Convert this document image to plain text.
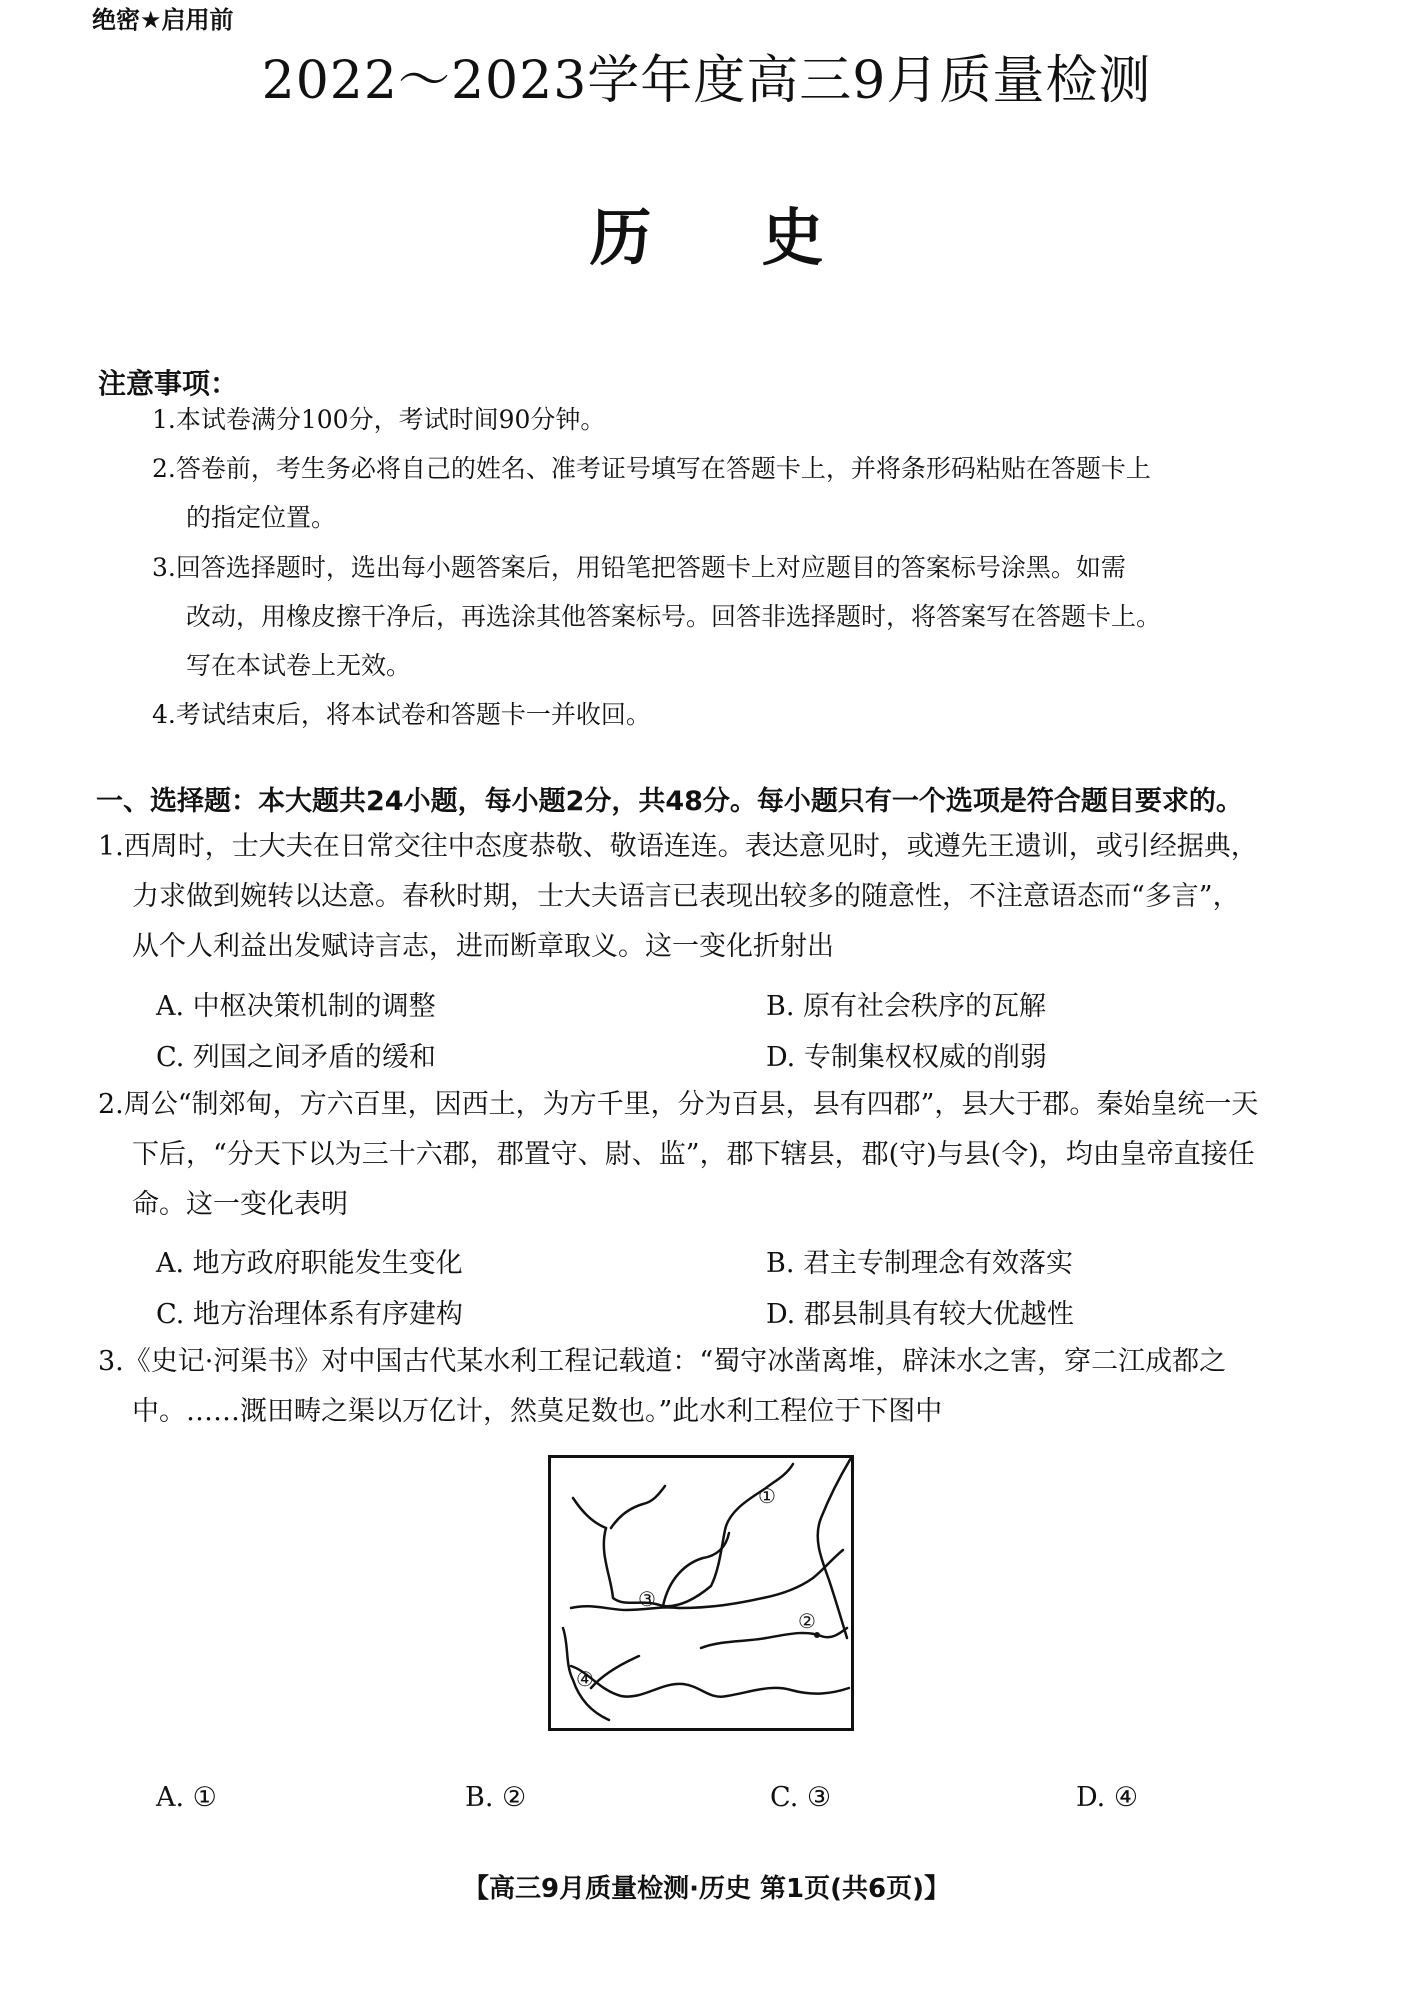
绝密★启用前
2022～2023学年度高三9月质量检测
历史
注意事项：
1.本试卷满分100分，考试时间90分钟。
2.答卷前，考生务必将自己的姓名、准考证号填写在答题卡上，并将条形码粘贴在答题卡上
的指定位置。
3.回答选择题时，选出每小题答案后，用铅笔把答题卡上对应题目的答案标号涂黑。如需
改动，用橡皮擦干净后，再选涂其他答案标号。回答非选择题时，将答案写在答题卡上。
写在本试卷上无效。
4.考试结束后，将本试卷和答题卡一并收回。
一、选择题：本大题共24小题，每小题2分，共48分。每小题只有一个选项是符合题目要求的。
1.西周时，士大夫在日常交往中态度恭敬、敬语连连。表达意见时，或遵先王遗训，或引经据典，
力求做到婉转以达意。春秋时期，士大夫语言已表现出较多的随意性，不注意语态而“多言”，
从个人利益出发赋诗言志，进而断章取义。这一变化折射出
A. 中枢决策机制的调整	B. 原有社会秩序的瓦解
C. 列国之间矛盾的缓和	D. 专制集权权威的削弱
2.周公“制郊甸，方六百里，因西土，为方千里，分为百县，县有四郡”，县大于郡。秦始皇统一天
下后，“分天下以为三十六郡，郡置守、尉、监”，郡下辖县，郡(守)与县(令)，均由皇帝直接任
命。这一变化表明
A. 地方政府职能发生变化	B. 君主专制理念有效落实
C. 地方治理体系有序建构	D. 郡县制具有较大优越性
3.《史记·河渠书》对中国古代某水利工程记载道：“蜀守冰凿离堆，辟沫水之害，穿二江成都之
中。……溉田畴之渠以万亿计，然莫足数也。”此水利工程位于下图中
①
②
③
④
A. ①	B. ②	C. ③	D. ④
【高三9月质量检测·历史 第1页(共6页)】
